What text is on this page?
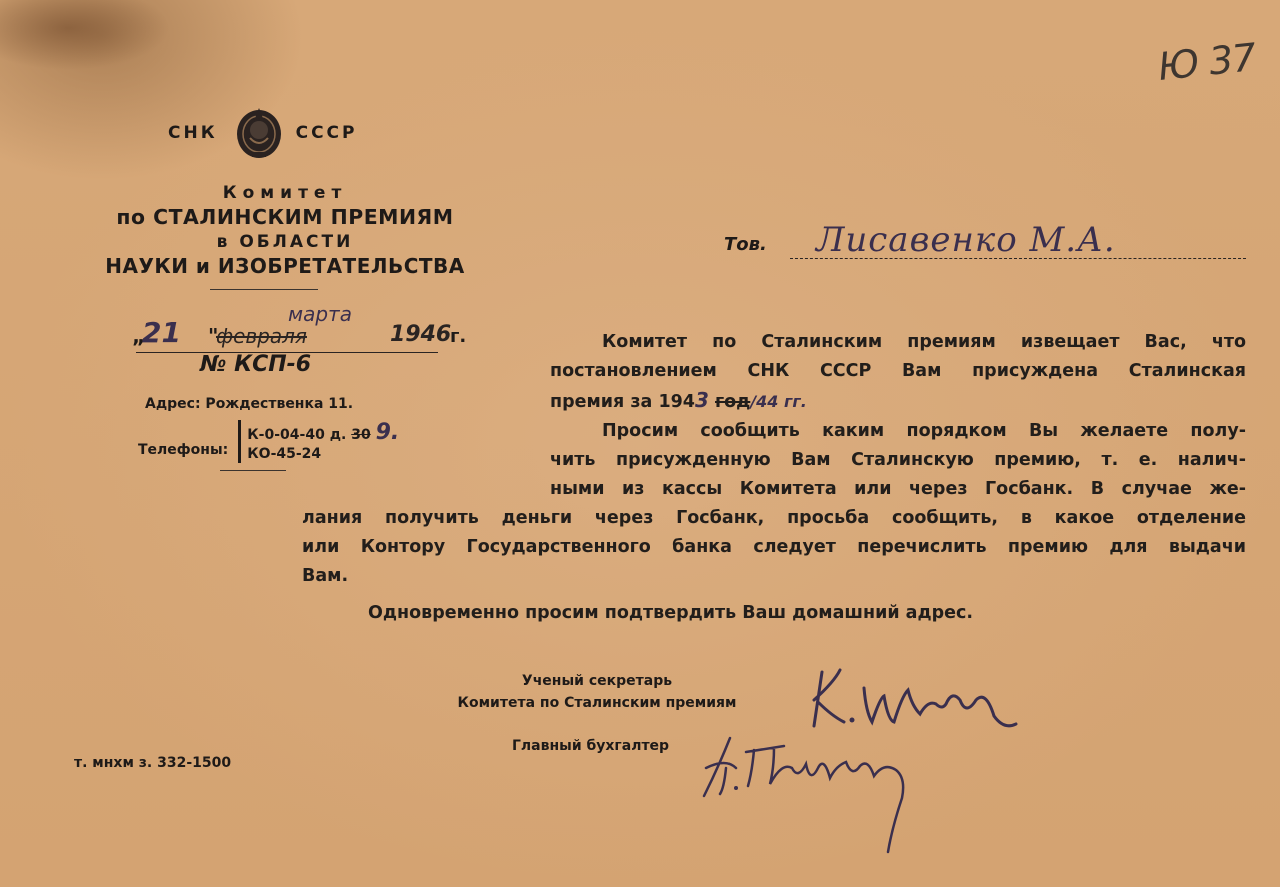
Ю 37
СНК	СССР
Комитет
по СТАЛИНСКИМ ПРЕМИЯМ
в ОБЛАСТИ
НАУКИ и ИЗОБРЕТАТЕЛЬСТВА
„
21 "
февраля
марта
1946
г.
№ КСП-6
Адрес: Рождественка 11.
Телефоны:
К-0-04-40 д. 30 9.
КО-45-24
Тов. Лисавенко М.А.
Комитет по Сталинским премиям извещает Вас, что
постановлением СНК СССР Вам присуждена Сталинская
премия за 1943 год/44 гг.
Просим сообщить каким порядком Вы желаете полу-
чить присужденную Вам Сталинскую премию, т. е. налич-
ными из кассы Комитета или через Госбанк. В случае же-
лания получить деньги через Госбанк, просьба сообщить, в какое отделение
или Контору Государственного банка следует перечислить премию для выдачи
Вам.
Одновременно просим подтвердить Ваш домашний адрес.
Ученый секретарь
Комитета по Сталинским премиям
Главный бухгалтер
т. мнхм з. 332-1500
